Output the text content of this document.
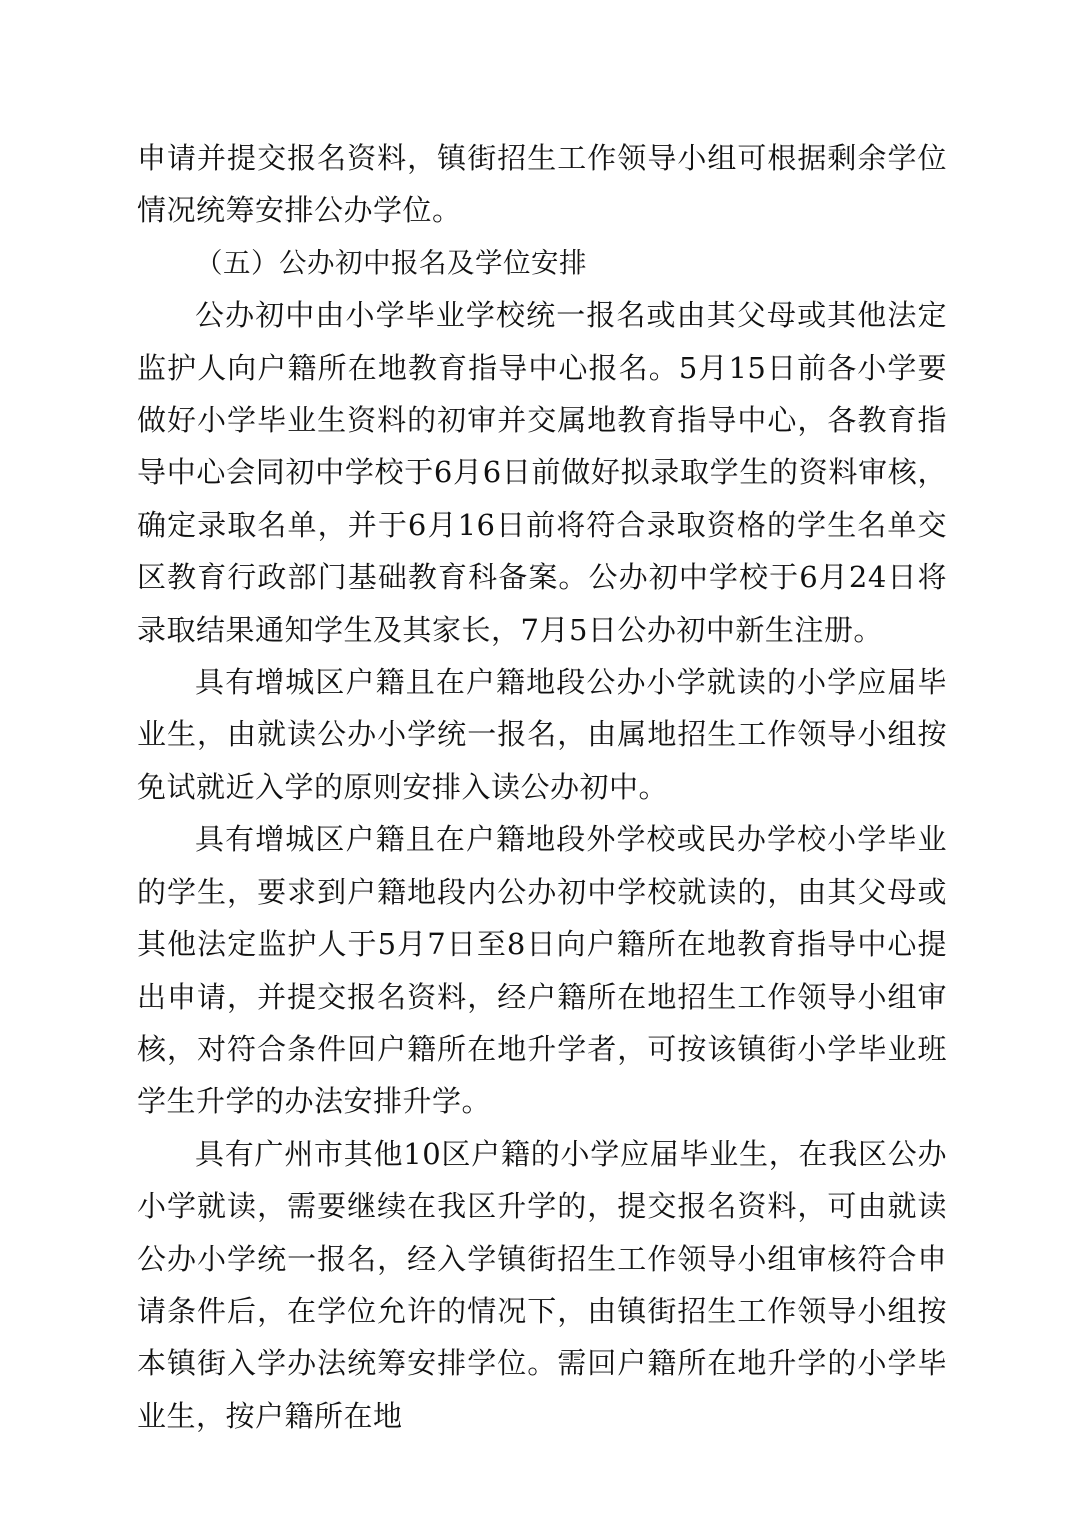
申请并提交报名资料，镇街招生工作领导小组可根据剩余学位情况统筹安排公办学位。

（五）公办初中报名及学位安排

公办初中由小学毕业学校统一报名或由其父母或其他法定监护人向户籍所在地教育指导中心报名。5月15日前各小学要做好小学毕业生资料的初审并交属地教育指导中心，各教育指导中心会同初中学校于6月6日前做好拟录取学生的资料审核，确定录取名单，并于6月16日前将符合录取资格的学生名单交区教育行政部门基础教育科备案。公办初中学校于6月24日将录取结果通知学生及其家长，7月5日公办初中新生注册。

具有增城区户籍且在户籍地段公办小学就读的小学应届毕业生，由就读公办小学统一报名，由属地招生工作领导小组按免试就近入学的原则安排入读公办初中。

具有增城区户籍且在户籍地段外学校或民办学校小学毕业的学生，要求到户籍地段内公办初中学校就读的，由其父母或其他法定监护人于5月7日至8日向户籍所在地教育指导中心提出申请，并提交报名资料，经户籍所在地招生工作领导小组审核，对符合条件回户籍所在地升学者，可按该镇街小学毕业班学生升学的办法安排升学。

具有广州市其他10区户籍的小学应届毕业生，在我区公办小学就读，需要继续在我区升学的，提交报名资料，可由就读公办小学统一报名，经入学镇街招生工作领导小组审核符合申请条件后，在学位允许的情况下，由镇街招生工作领导小组按本镇街入学办法统筹安排学位。需回户籍所在地升学的小学毕业生，按户籍所在地
